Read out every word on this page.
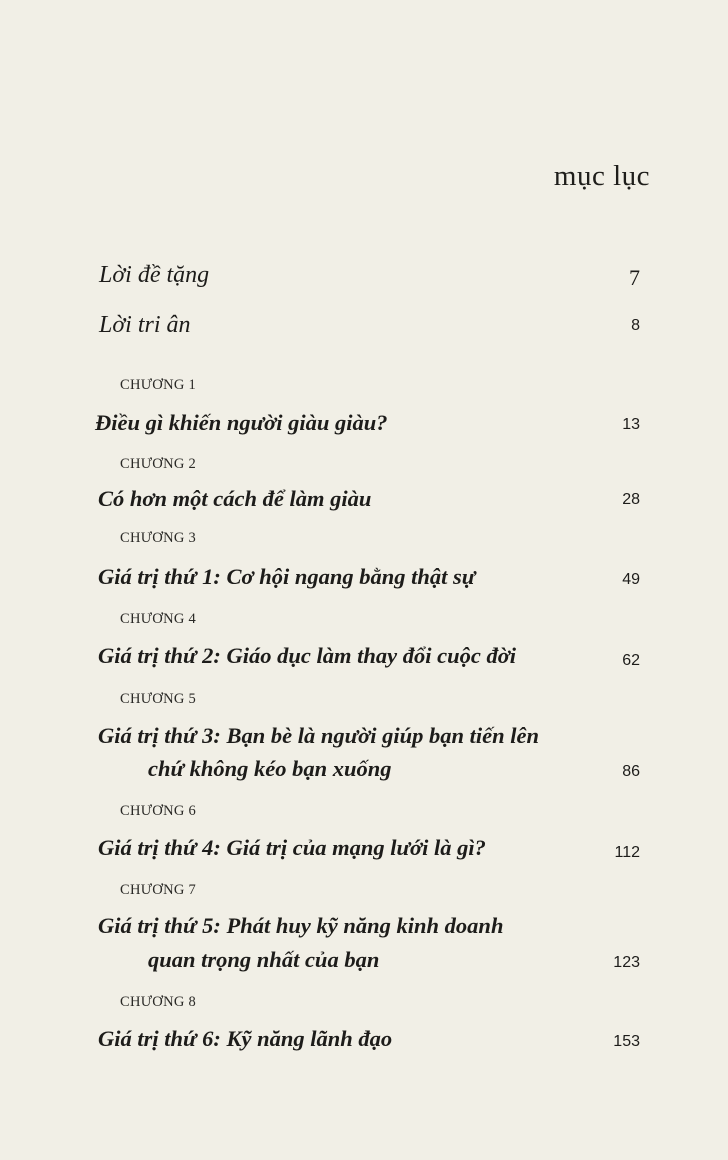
mục lục
Lời đề tặng	7
Lời tri ân	8
CHƯƠNG 1
Điều gì khiến người giàu giàu?	13
CHƯƠNG 2
Có hơn một cách để làm giàu	28
CHƯƠNG 3
Giá trị thứ 1: Cơ hội ngang bằng thật sự	49
CHƯƠNG 4
Giá trị thứ 2: Giáo dục làm thay đổi cuộc đời	62
CHƯƠNG 5
Giá trị thứ 3: Bạn bè là người giúp bạn tiến lên
chứ không kéo bạn xuống	86
CHƯƠNG 6
Giá trị thứ 4: Giá trị của mạng lưới là gì?	112
CHƯƠNG 7
Giá trị thứ 5: Phát huy kỹ năng kinh doanh
quan trọng nhất của bạn	123
CHƯƠNG 8
Giá trị thứ 6: Kỹ năng lãnh đạo	153
